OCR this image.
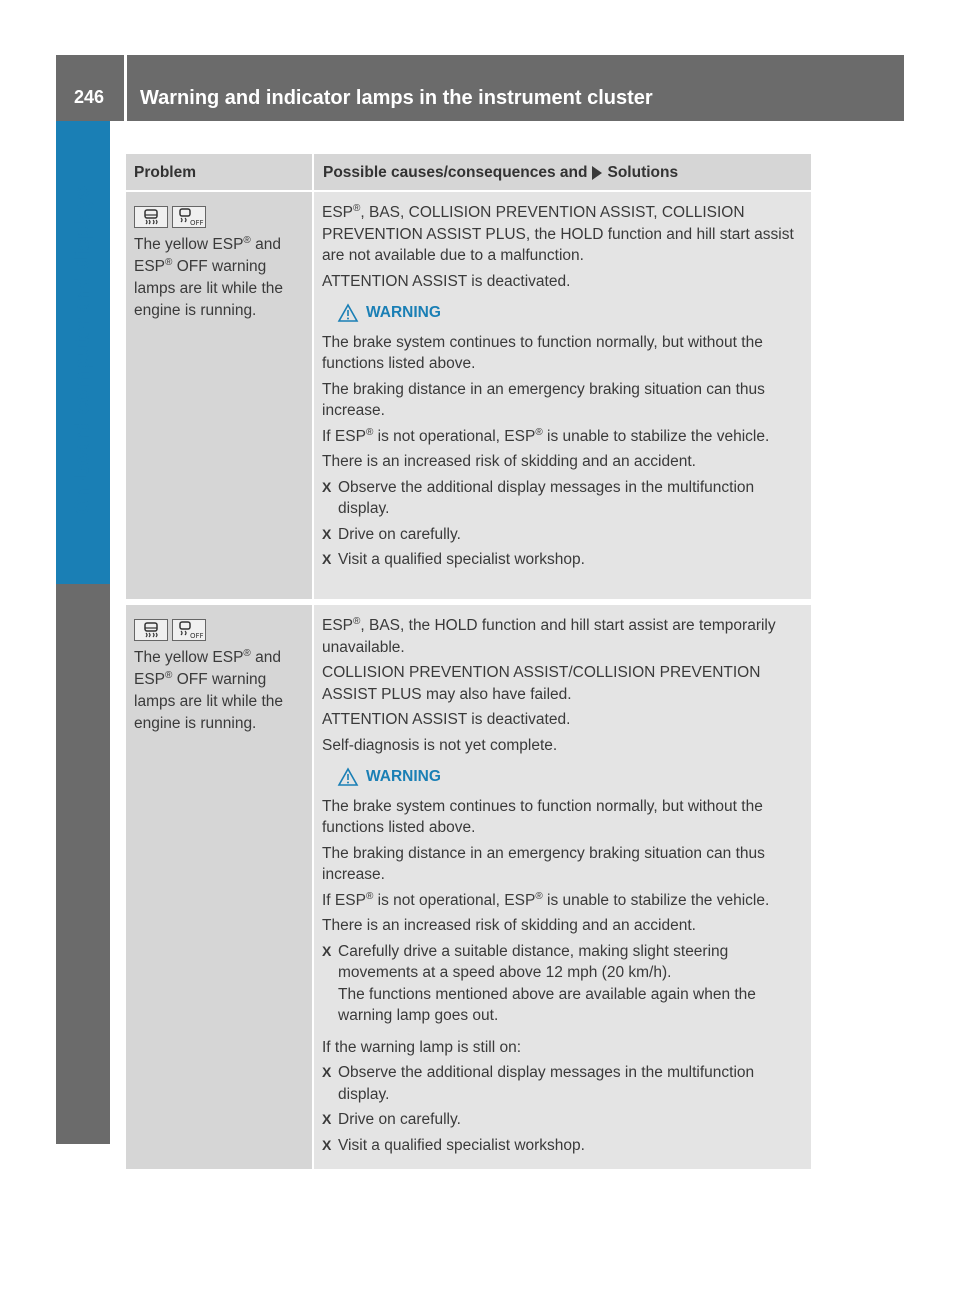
246	Warning and indicator lamps in the instrument cluster
On-board computer and displays
Problem	Possible causes/consequences and Solutions
OFF
The yellow ESP® and
ESP® OFF warning
lamps are lit while the
engine is running.

ESP®, BAS, COLLISION PREVENTION ASSIST, COLLISION PREVENTION ASSIST PLUS, the HOLD function and hill start assist are not available due to a malfunction.

ATTENTION ASSIST is deactivated.

WARNING

The brake system continues to function normally, but without the functions listed above.

The braking distance in an emergency braking situation can thus increase.

If ESP® is not operational, ESP® is unable to stabilize the vehicle.

There is an increased risk of skidding and an accident.

X Observe the additional display messages in the multifunction display.
X Drive on carefully.
X Visit a qualified specialist workshop.
OFF
The yellow ESP® and
ESP® OFF warning
lamps are lit while the
engine is running.

ESP®, BAS, the HOLD function and hill start assist are temporarily unavailable.

COLLISION PREVENTION ASSIST/COLLISION PREVENTION ASSIST PLUS may also have failed.

ATTENTION ASSIST is deactivated.

Self-diagnosis is not yet complete.

WARNING

The brake system continues to function normally, but without the functions listed above.

The braking distance in an emergency braking situation can thus increase.

If ESP® is not operational, ESP® is unable to stabilize the vehicle.

There is an increased risk of skidding and an accident.

X Carefully drive a suitable distance, making slight steering movements at a speed above 12 mph (20 km/h).
The functions mentioned above are available again when the warning lamp goes out.

If the warning lamp is still on:

X Observe the additional display messages in the multifunction display.
X Drive on carefully.
X Visit a qualified specialist workshop.
